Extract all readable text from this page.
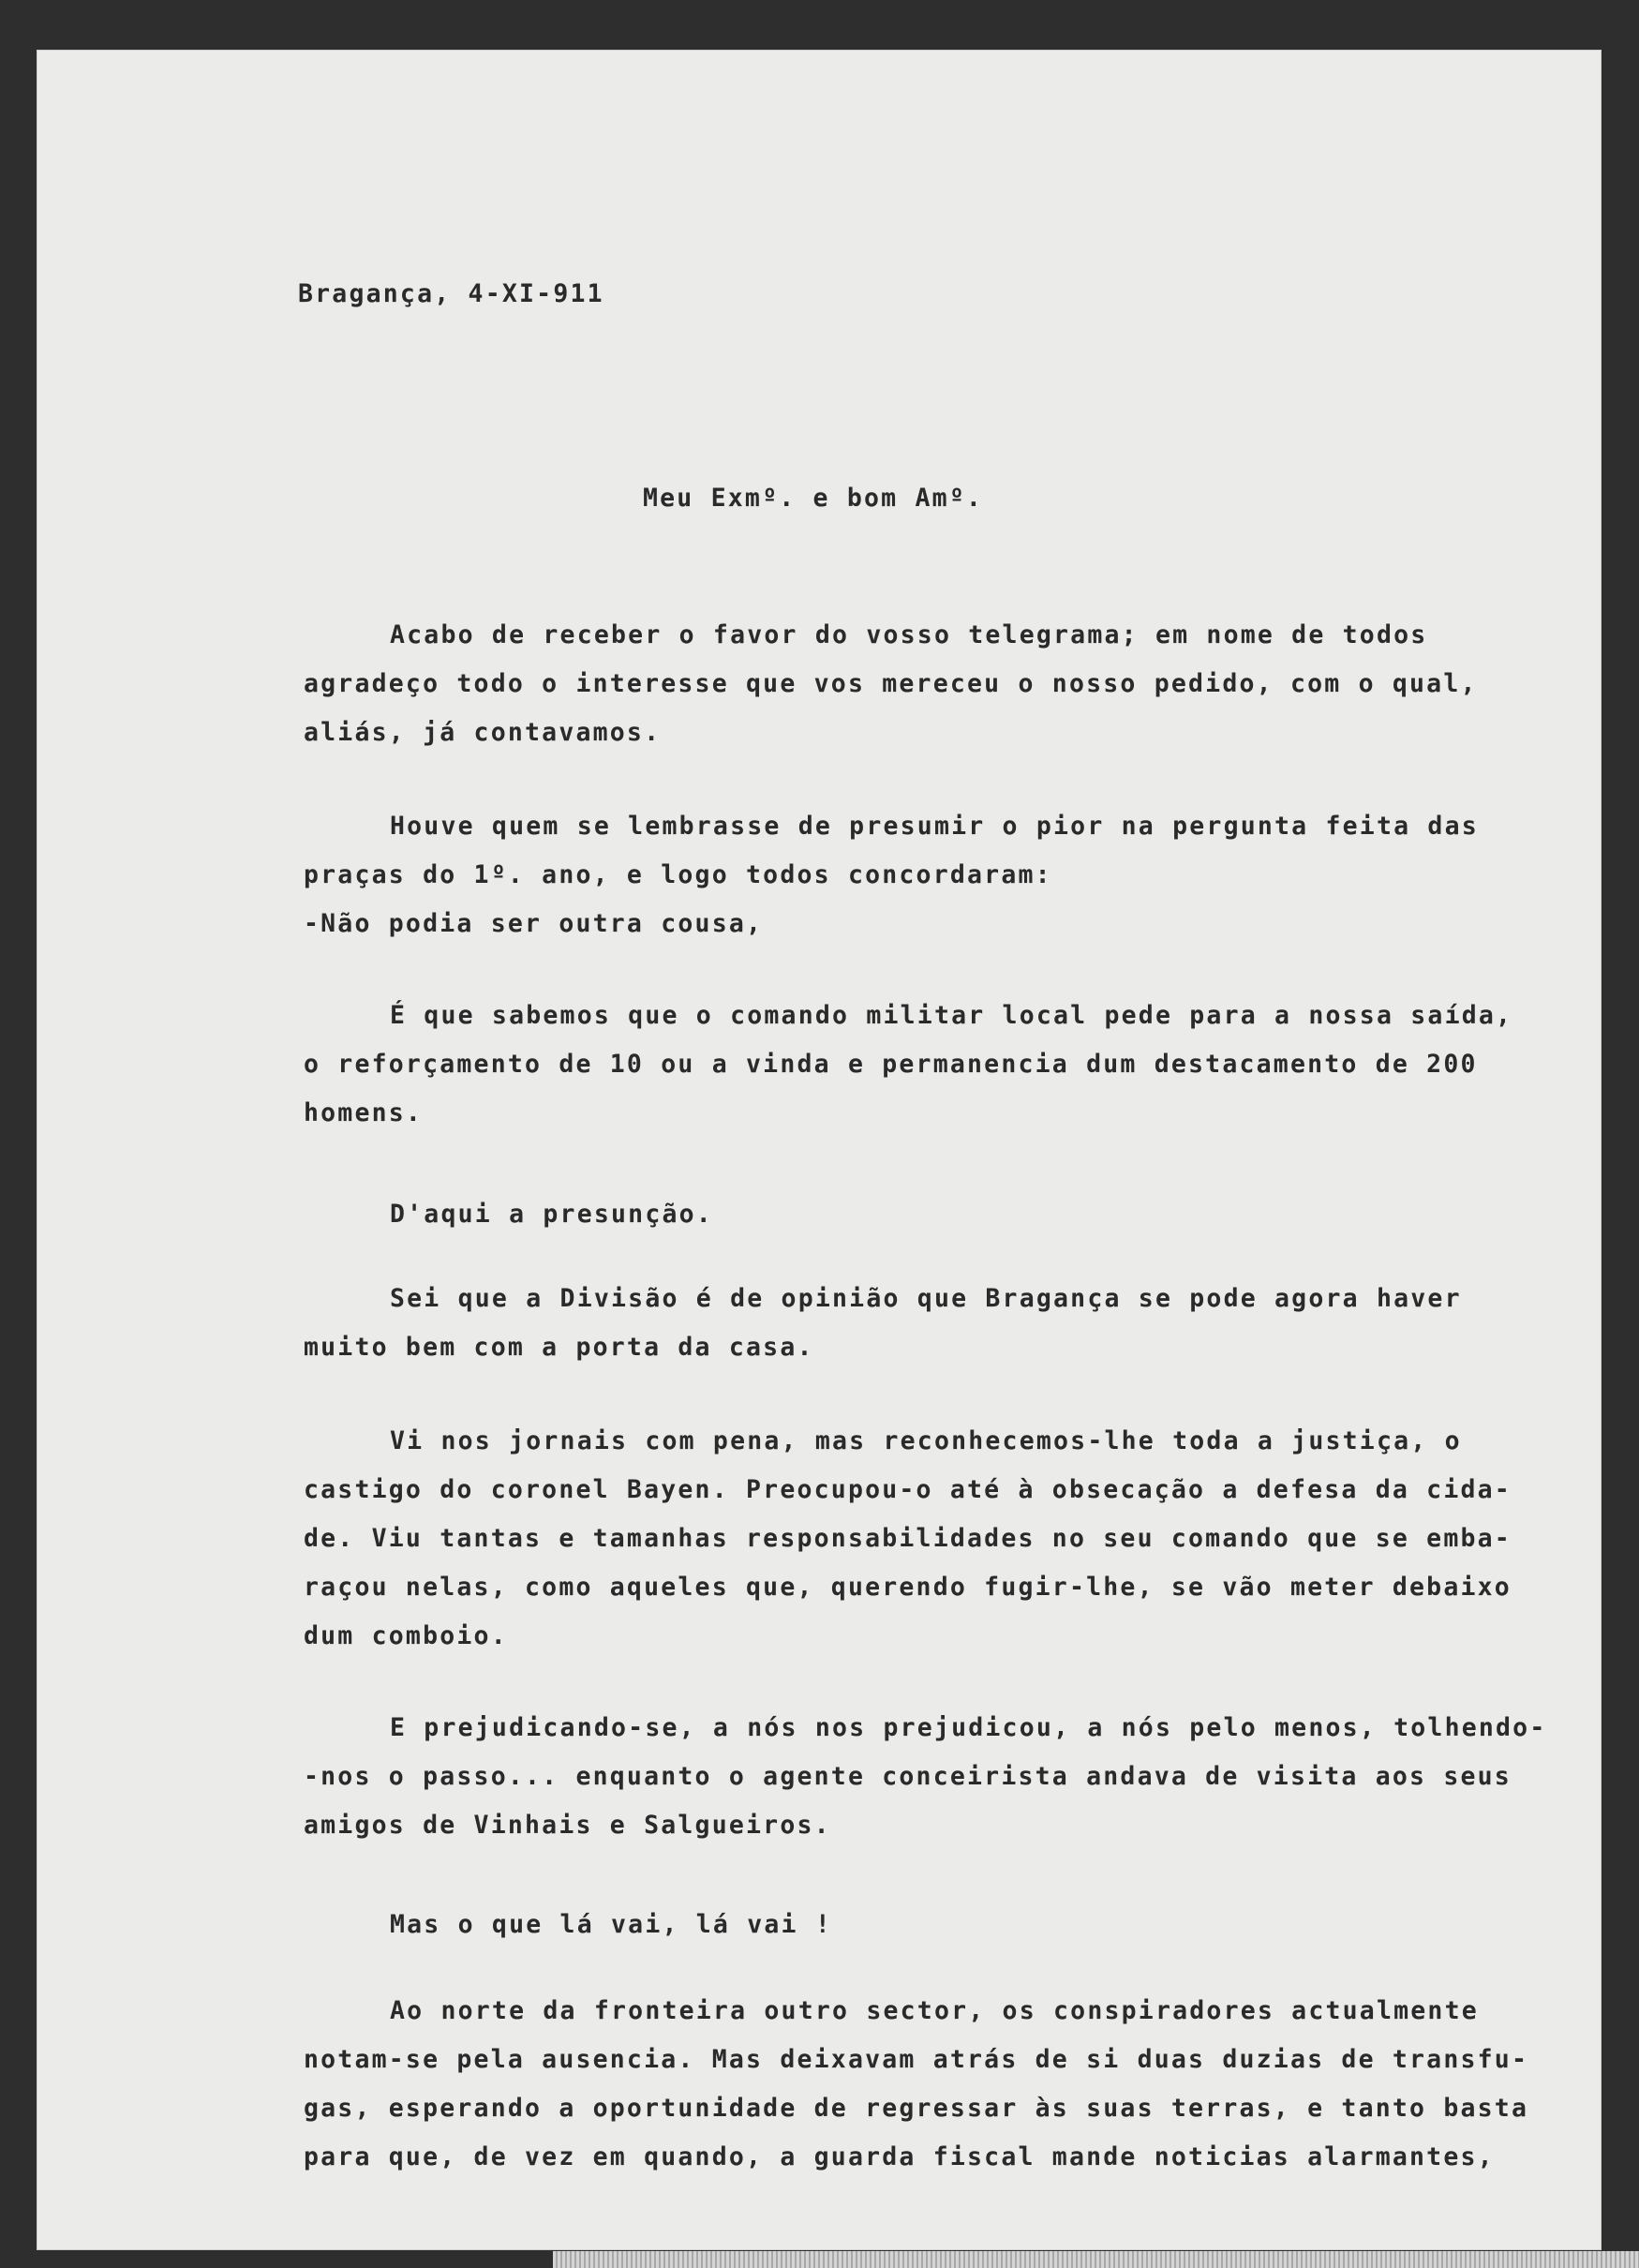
Bragança, 4-XI-911
Meu Exmº. e bom Amº.
Acabo de receber o favor do vosso telegrama; em nome de todos
agradeço todo o interesse que vos mereceu o nosso pedido, com o qual,
aliás, já contavamos.
Houve quem se lembrasse de presumir o pior na pergunta feita das
praças do 1º. ano, e logo todos concordaram:
-Não podia ser outra cousa,
É que sabemos que o comando militar local pede para a nossa saída,
o reforçamento de 10 ou a vinda e permanencia dum destacamento de 200
homens.
D'aqui a presunção.
Sei que a Divisão é de opinião que Bragança se pode agora haver
muito bem com a porta da casa.
Vi nos jornais com pena, mas reconhecemos-lhe toda a justiça, o
castigo do coronel Bayen. Preocupou-o até à obsecação a defesa da cida-
de. Viu tantas e tamanhas responsabilidades no seu comando que se emba-
raçou nelas, como aqueles que, querendo fugir-lhe, se vão meter debaixo
dum comboio.
E prejudicando-se, a nós nos prejudicou, a nós pelo menos, tolhendo-
-nos o passo... enquanto o agente conceirista andava de visita aos seus
amigos de Vinhais e Salgueiros.
Mas o que lá vai, lá vai !
Ao norte da fronteira outro sector, os conspiradores actualmente
notam-se pela ausencia. Mas deixavam atrás de si duas duzias de transfu-
gas, esperando a oportunidade de regressar às suas terras, e tanto basta
para que, de vez em quando, a guarda fiscal mande noticias alarmantes,
